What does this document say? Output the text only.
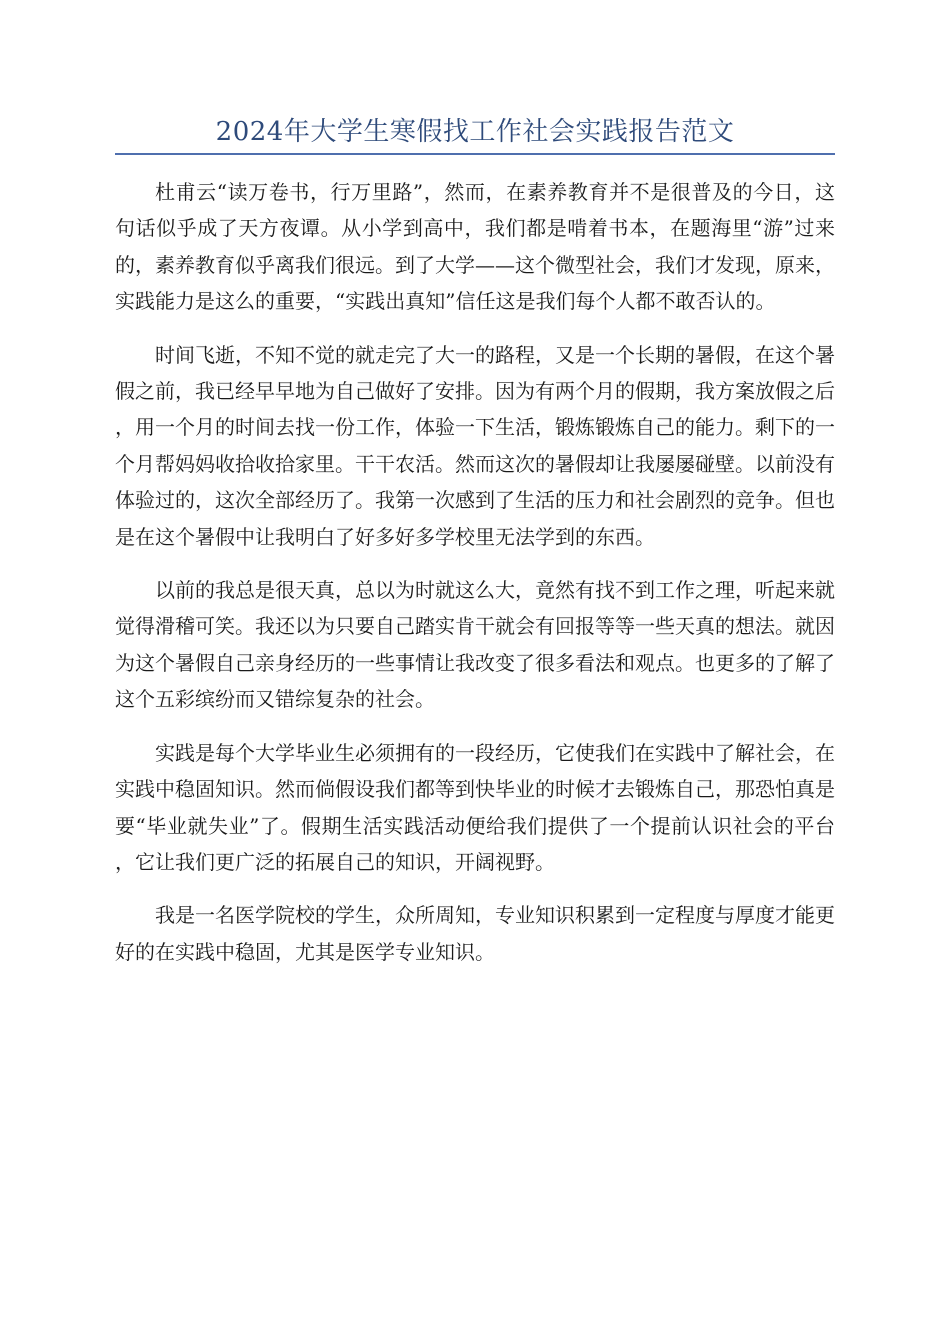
2024年大学生寒假找工作社会实践报告范文

杜甫云“读万卷书，行万里路”，然而，在素养教育并不是很普及的今日，这句话似乎成了天方夜谭。从小学到高中，我们都是啃着书本，在题海里“游”过来的，素养教育似乎离我们很远。到了大学——这个微型社会，我们才发现，原来，实践能力是这么的重要，“实践出真知”信任这是我们每个人都不敢否认的。

时间飞逝，不知不觉的就走完了大一的路程，又是一个长期的暑假，在这个暑假之前，我已经早早地为自己做好了安排。因为有两个月的假期，我方案放假之后，用一个月的时间去找一份工作，体验一下生活，锻炼锻炼自己的能力。剩下的一个月帮妈妈收拾收拾家里。干干农活。然而这次的暑假却让我屡屡碰壁。以前没有体验过的，这次全部经历了。我第一次感到了生活的压力和社会剧烈的竞争。但也是在这个暑假中让我明白了好多好多学校里无法学到的东西。

以前的我总是很天真，总以为时就这么大，竟然有找不到工作之理，听起来就觉得滑稽可笑。我还以为只要自己踏实肯干就会有回报等等一些天真的想法。就因为这个暑假自己亲身经历的一些事情让我改变了很多看法和观点。也更多的了解了这个五彩缤纷而又错综复杂的社会。

实践是每个大学毕业生必须拥有的一段经历，它使我们在实践中了解社会，在实践中稳固知识。然而倘假设我们都等到快毕业的时候才去锻炼自己，那恐怕真是要“毕业就失业”了。假期生活实践活动便给我们提供了一个提前认识社会的平台，它让我们更广泛的拓展自己的知识，开阔视野。

我是一名医学院校的学生，众所周知，专业知识积累到一定程度与厚度才能更好的在实践中稳固，尤其是医学专业知识。
